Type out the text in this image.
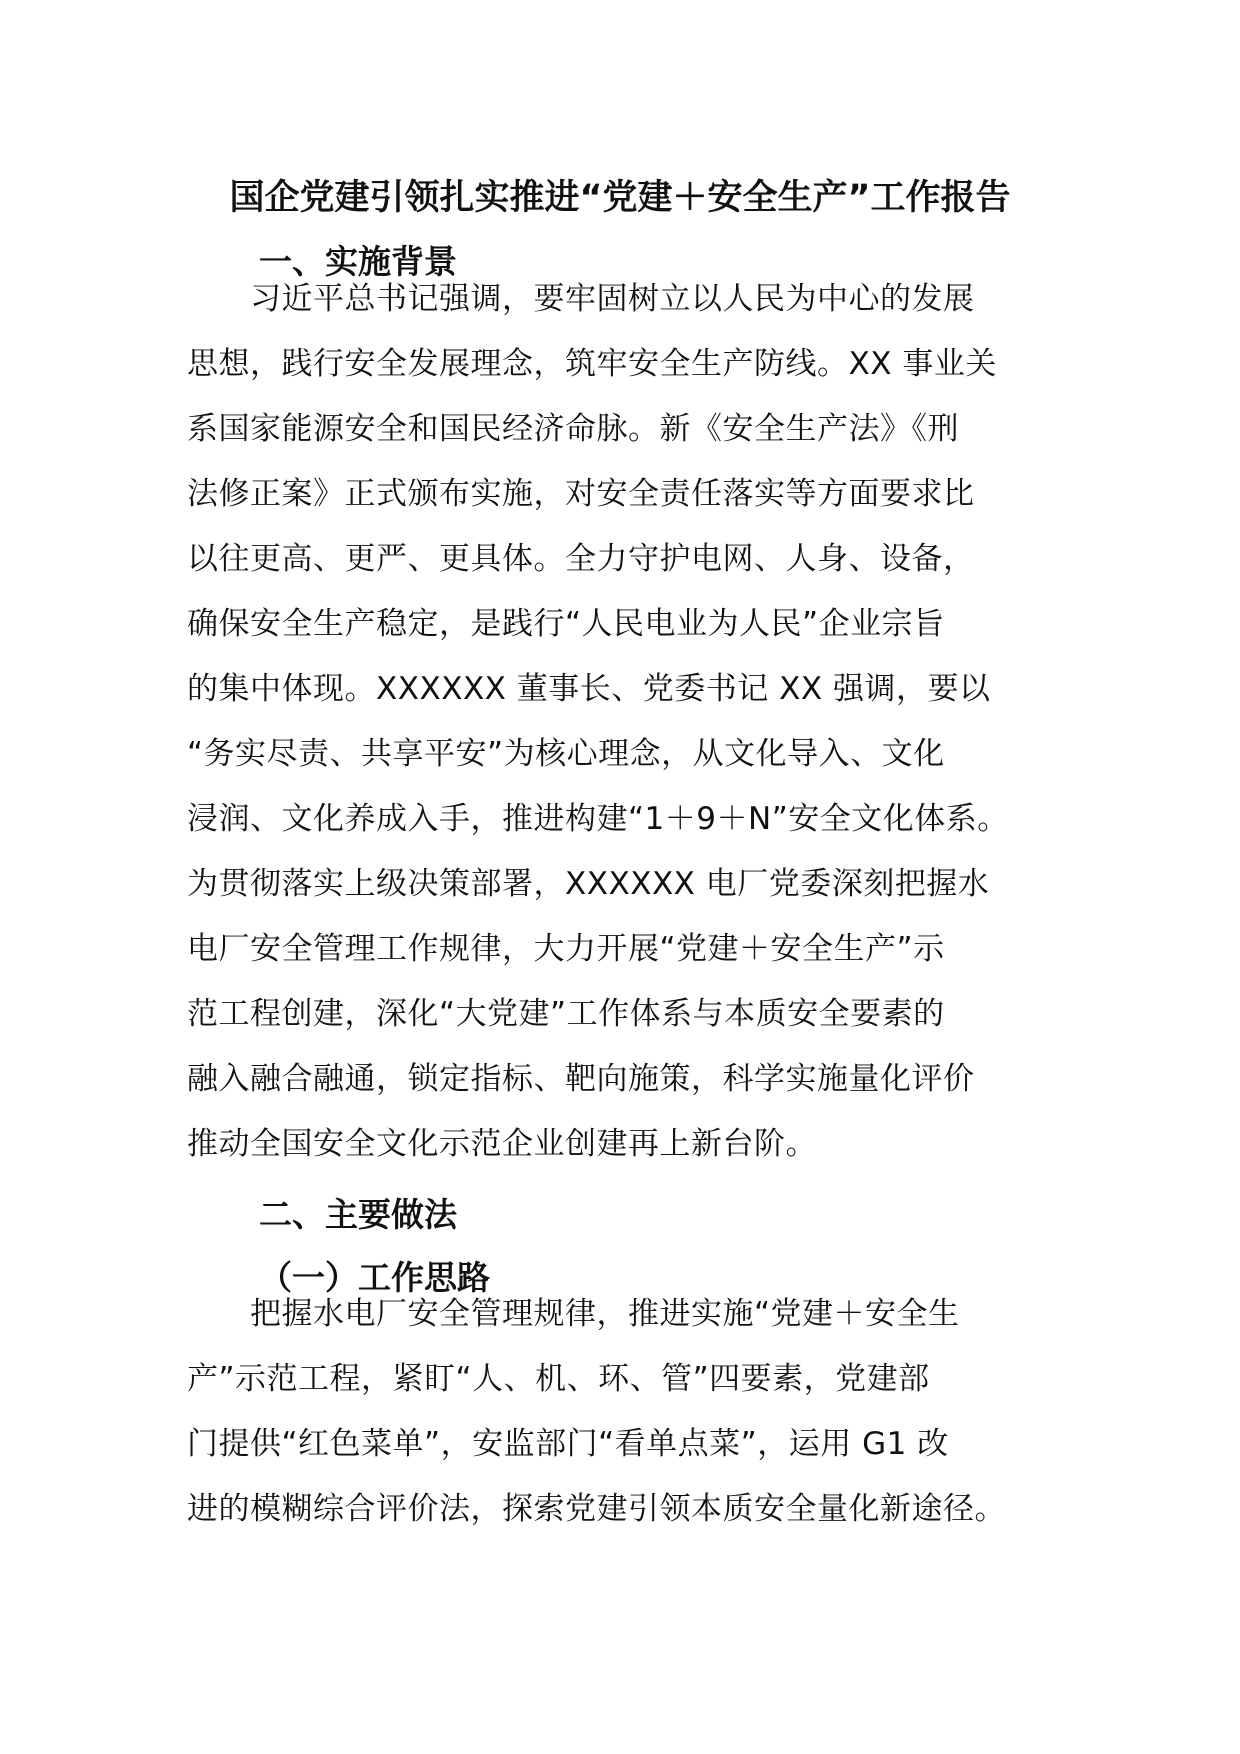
国企党建引领扎实推进“党建＋安全生产”工作报告
一、实施背景

　　习近平总书记强调，要牢固树立以人民为中心的发展
思想，践行安全发展理念，筑牢安全生产防线。XX 事业关
系国家能源安全和国民经济命脉。新《安全生产法》《刑
法修正案》正式颁布实施，对安全责任落实等方面要求比
以往更高、更严、更具体。全力守护电网、人身、设备，
确保安全生产稳定，是践行“人民电业为人民”企业宗旨
的集中体现。XXXXXX 董事长、党委书记 XX 强调，要以
“务实尽责、共享平安”为核心理念，从文化导入、文化
浸润、文化养成入手，推进构建“1＋9＋N”安全文化体系。
为贯彻落实上级决策部署，XXXXXX 电厂党委深刻把握水
电厂安全管理工作规律，大力开展“党建＋安全生产”示
范工程创建，深化“大党建”工作体系与本质安全要素的
融入融合融通，锁定指标、靶向施策，科学实施量化评价
推动全国安全文化示范企业创建再上新台阶。

二、主要做法
（一）工作思路

　　把握水电厂安全管理规律，推进实施“党建＋安全生
产”示范工程，紧盯“人、机、环、管”四要素，党建部
门提供“红色菜单”，安监部门“看单点菜”，运用 G1 改
进的模糊综合评价法，探索党建引领本质安全量化新途径。
